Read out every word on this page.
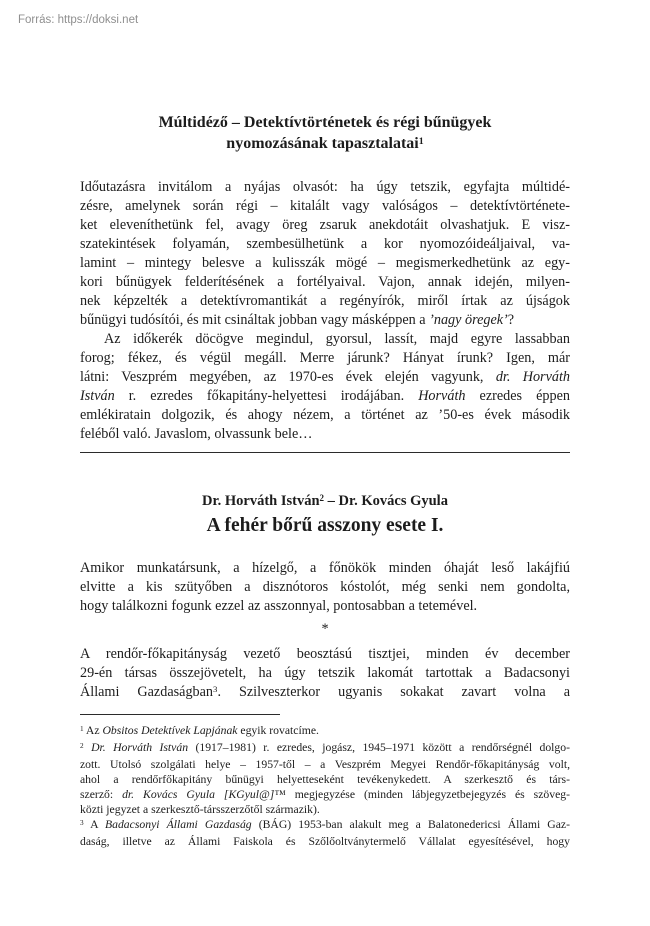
Forrás: https://doksi.net
Múltidéző – Detektívtörténetek és régi bűnügyek
nyomozásának tapasztalatai$^1$
Időutazásra invitálom a nyájas olvasót: ha úgy tetszik, egyfajta múltidé-
zésre, amelynek során régi – kitalált vagy valóságos – detektívtörténete-
ket eleveníthetünk fel, avagy öreg zsaruk anekdotáit olvashatjuk. E visz-
szatekintések folyamán, szembesülhetünk a kor nyomozóideáljaival, va-
lamint – mintegy belesve a kulisszák mögé – megismerkedhetünk az egy-
kori bűnügyek felderítésének a fortélyaival. Vajon, annak idején, milyen-
nek képzelték a detektívromantikát a regényírók, miről írtak az újságok
bűnügyi tudósítói, és mit csináltak jobban vagy másképpen a ’nagy öregek’?
Az időkerék döcögve megindul, gyorsul, lassít, majd egyre lassabban
forog; fékez, és végül megáll. Merre járunk? Hányat írunk? Igen, már
látni: Veszprém megyében, az 1970-es évek elején vagyunk, dr. Horváth
István r. ezredes főkapitány-helyettesi irodájában. Horváth ezredes éppen
emlékiratain dolgozik, és ahogy nézem, a történet az ’50-es évek második
feléből való. Javaslom, olvassunk bele…
Dr. Horváth István$^2$ – Dr. Kovács Gyula
A fehér bőrű asszony esete I.
Amikor munkatársunk, a hízelgő, a főnökök minden óhaját leső lakájfiú
elvitte a kis szütyőben a disznótoros kóstolót, még senki nem gondolta,
hogy találkozni fogunk ezzel az asszonnyal, pontosabban a tetemével.
*
A rendőr-főkapitányság vezető beosztású tisztjei, minden év december
29-én társas összejövetelt, ha úgy tetszik lakomát tartottak a Badacsonyi
Állami Gazdaságban$^3$. Szilveszterkor ugyanis sokakat zavart volna a
$^1$ Az Obsitos Detektívek Lapjának egyik rovatcíme.
$^2$ Dr. Horváth István (1917–1981) r. ezredes, jogász, 1945–1971 között a rendőrségnél dolgo-
zott. Utolsó szolgálati helye – 1957-től – a Veszprém Megyei Rendőr-főkapitányság volt,
ahol a rendőrfőkapitány bűnügyi helyetteseként tevékenykedett. A szerkesztő és társ-
szerző: dr. Kovács Gyula [KGyul@]™ megjegyzése (minden lábjegyzetbejegyzés és szöveg-
közti jegyzet a szerkesztő-társszerzőtől származik).
$^3$ A Badacsonyi Állami Gazdaság (BÁG) 1953-ban alakult meg a Balatonedericsi Állami Gaz-
daság, illetve az Állami Faiskola és Szőlőoltványtermelő Vállalat egyesítésével, hogy
